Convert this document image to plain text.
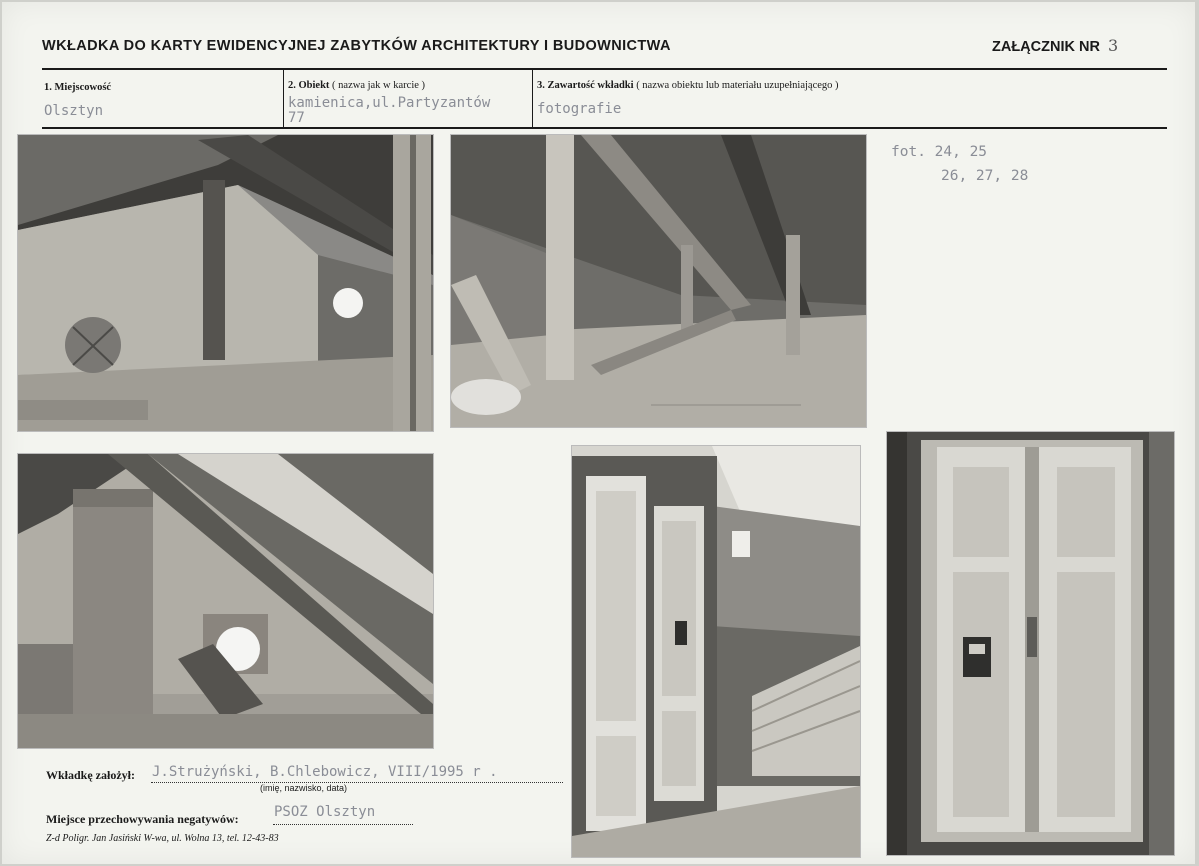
WKŁADKA DO KARTY EWIDENCYJNEJ ZABYTKÓW ARCHITEKTURY I BUDOWNICTWA	ZAŁĄCZNIK NR 3
1. Miejscowość
Olsztyn
2. Obiekt ( nazwa jak w karcie )
kamienica,ul.Partyzantów
77
3. Zawartość wkładki ( nazwa obiektu lub materiału uzupełniającego )
fotografie
fot. 24, 25
26, 27, 28
Wkładkę założył: J.Strużyński, B.Chlebowicz, VIII/1995 r .
(imię, nazwisko, data)
Miejsce przechowywania negatywów:	PSOZ Olsztyn
Z-d Poligr. Jan Jasiński W-wa, ul. Wolna 13, tel. 12-43-83
